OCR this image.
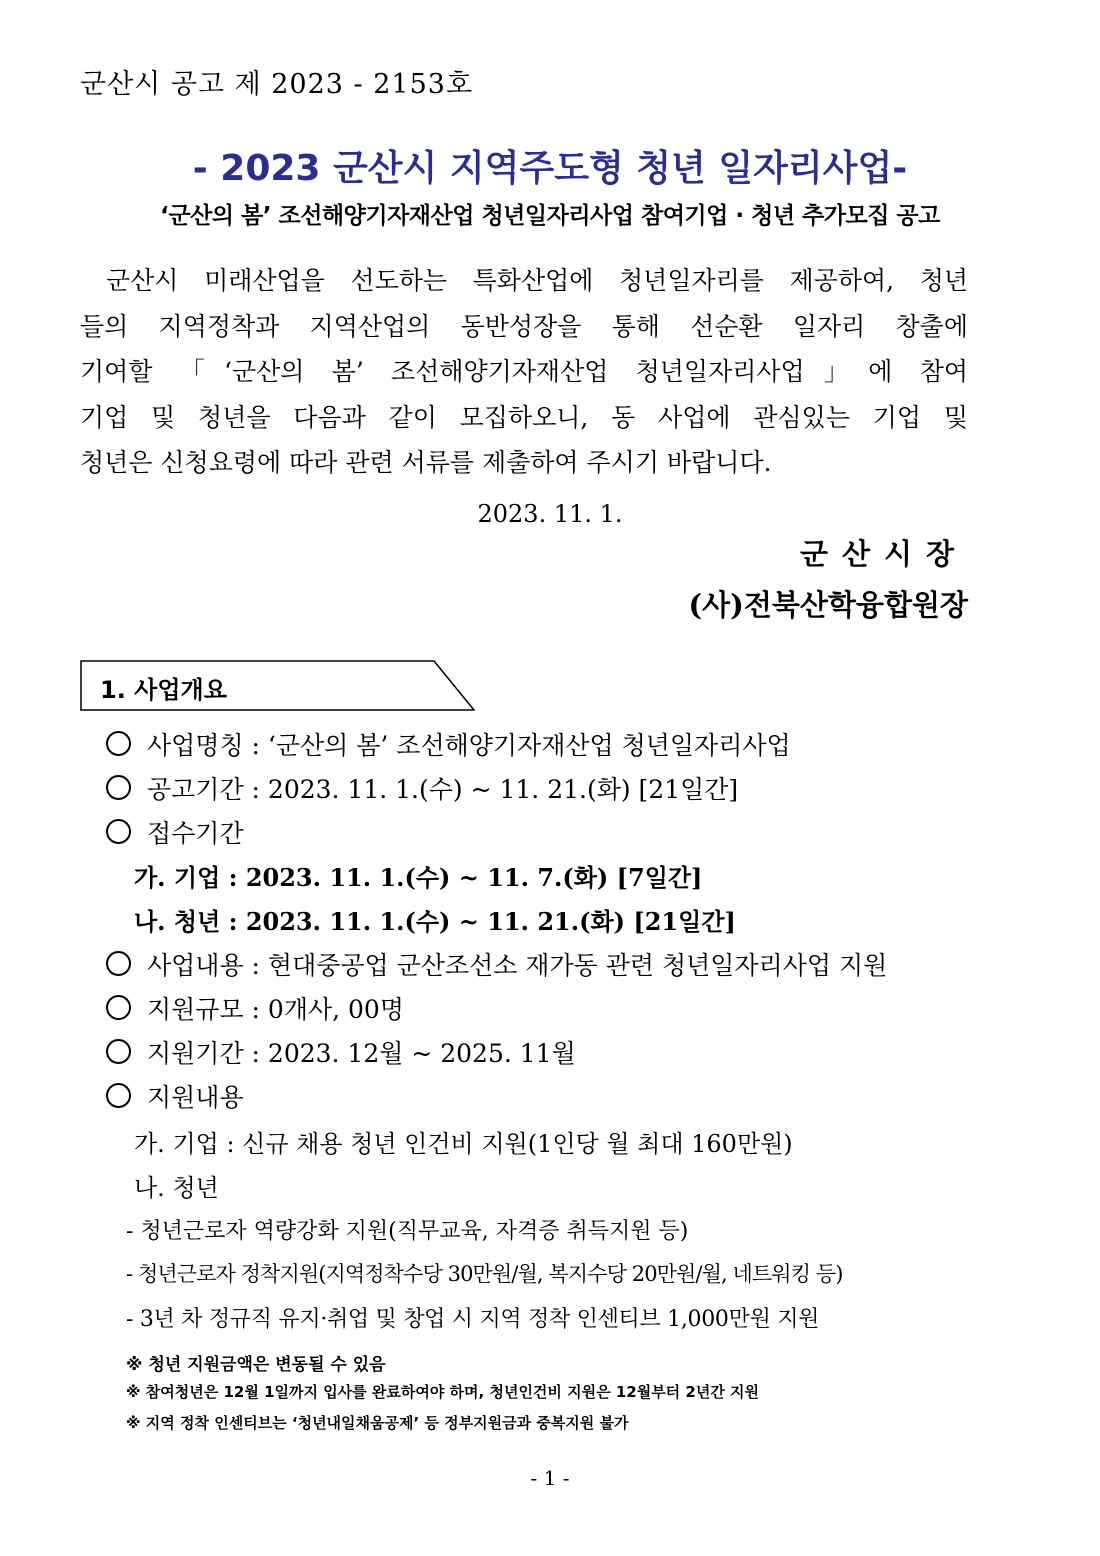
군산시 공고 제 2023 - 2153호
- 2023 군산시 지역주도형 청년 일자리사업-
‘군산의 봄’ 조선해양기자재산업 청년일자리사업 참여기업 · 청년 추가모집 공고
군산시 미래산업을 선도하는 특화산업에 청년일자리를 제공하여, 청년
들의 지역정착과 지역산업의 동반성장을 통해 선순환 일자리 창출에
기여할 「‘군산의 봄’ 조선해양기자재산업 청년일자리사업」에 참여
기업 및 청년을 다음과 같이 모집하오니, 동 사업에 관심있는 기업 및
청년은 신청요령에 따라 관련 서류를 제출하여 주시기 바랍니다.
2023. 11. 1.
군산시장
(사)전북산학융합원장
1. 사업개요
사업명칭 : ‘군산의 봄’ 조선해양기자재산업 청년일자리사업
공고기간 : 2023. 11. 1.(수) ~ 11. 21.(화) [21일간]
접수기간
가. 기업 : 2023. 11. 1.(수) ~ 11. 7.(화) [7일간]
나. 청년 : 2023. 11. 1.(수) ~ 11. 21.(화) [21일간]
사업내용 : 현대중공업 군산조선소 재가동 관련 청년일자리사업 지원
지원규모 : 0개사, 00명
지원기간 : 2023. 12월 ~ 2025. 11월
지원내용
가. 기업 : 신규 채용 청년 인건비 지원(1인당 월 최대 160만원)
나. 청년
- 청년근로자 역량강화 지원(직무교육, 자격증 취득지원 등)
- 청년근로자 정착지원(지역정착수당 30만원/월, 복지수당 20만원/월, 네트워킹 등)
- 3년 차 정규직 유지·취업 및 창업 시 지역 정착 인센티브 1,000만원 지원
※ 청년 지원금액은 변동될 수 있음
※ 참여청년은 12월 1일까지 입사를 완료하여야 하며, 청년인건비 지원은 12월부터 2년간 지원
※ 지역 정착 인센티브는 ‘청년내일채움공제’ 등 정부지원금과 중복지원 불가
- 1 -
